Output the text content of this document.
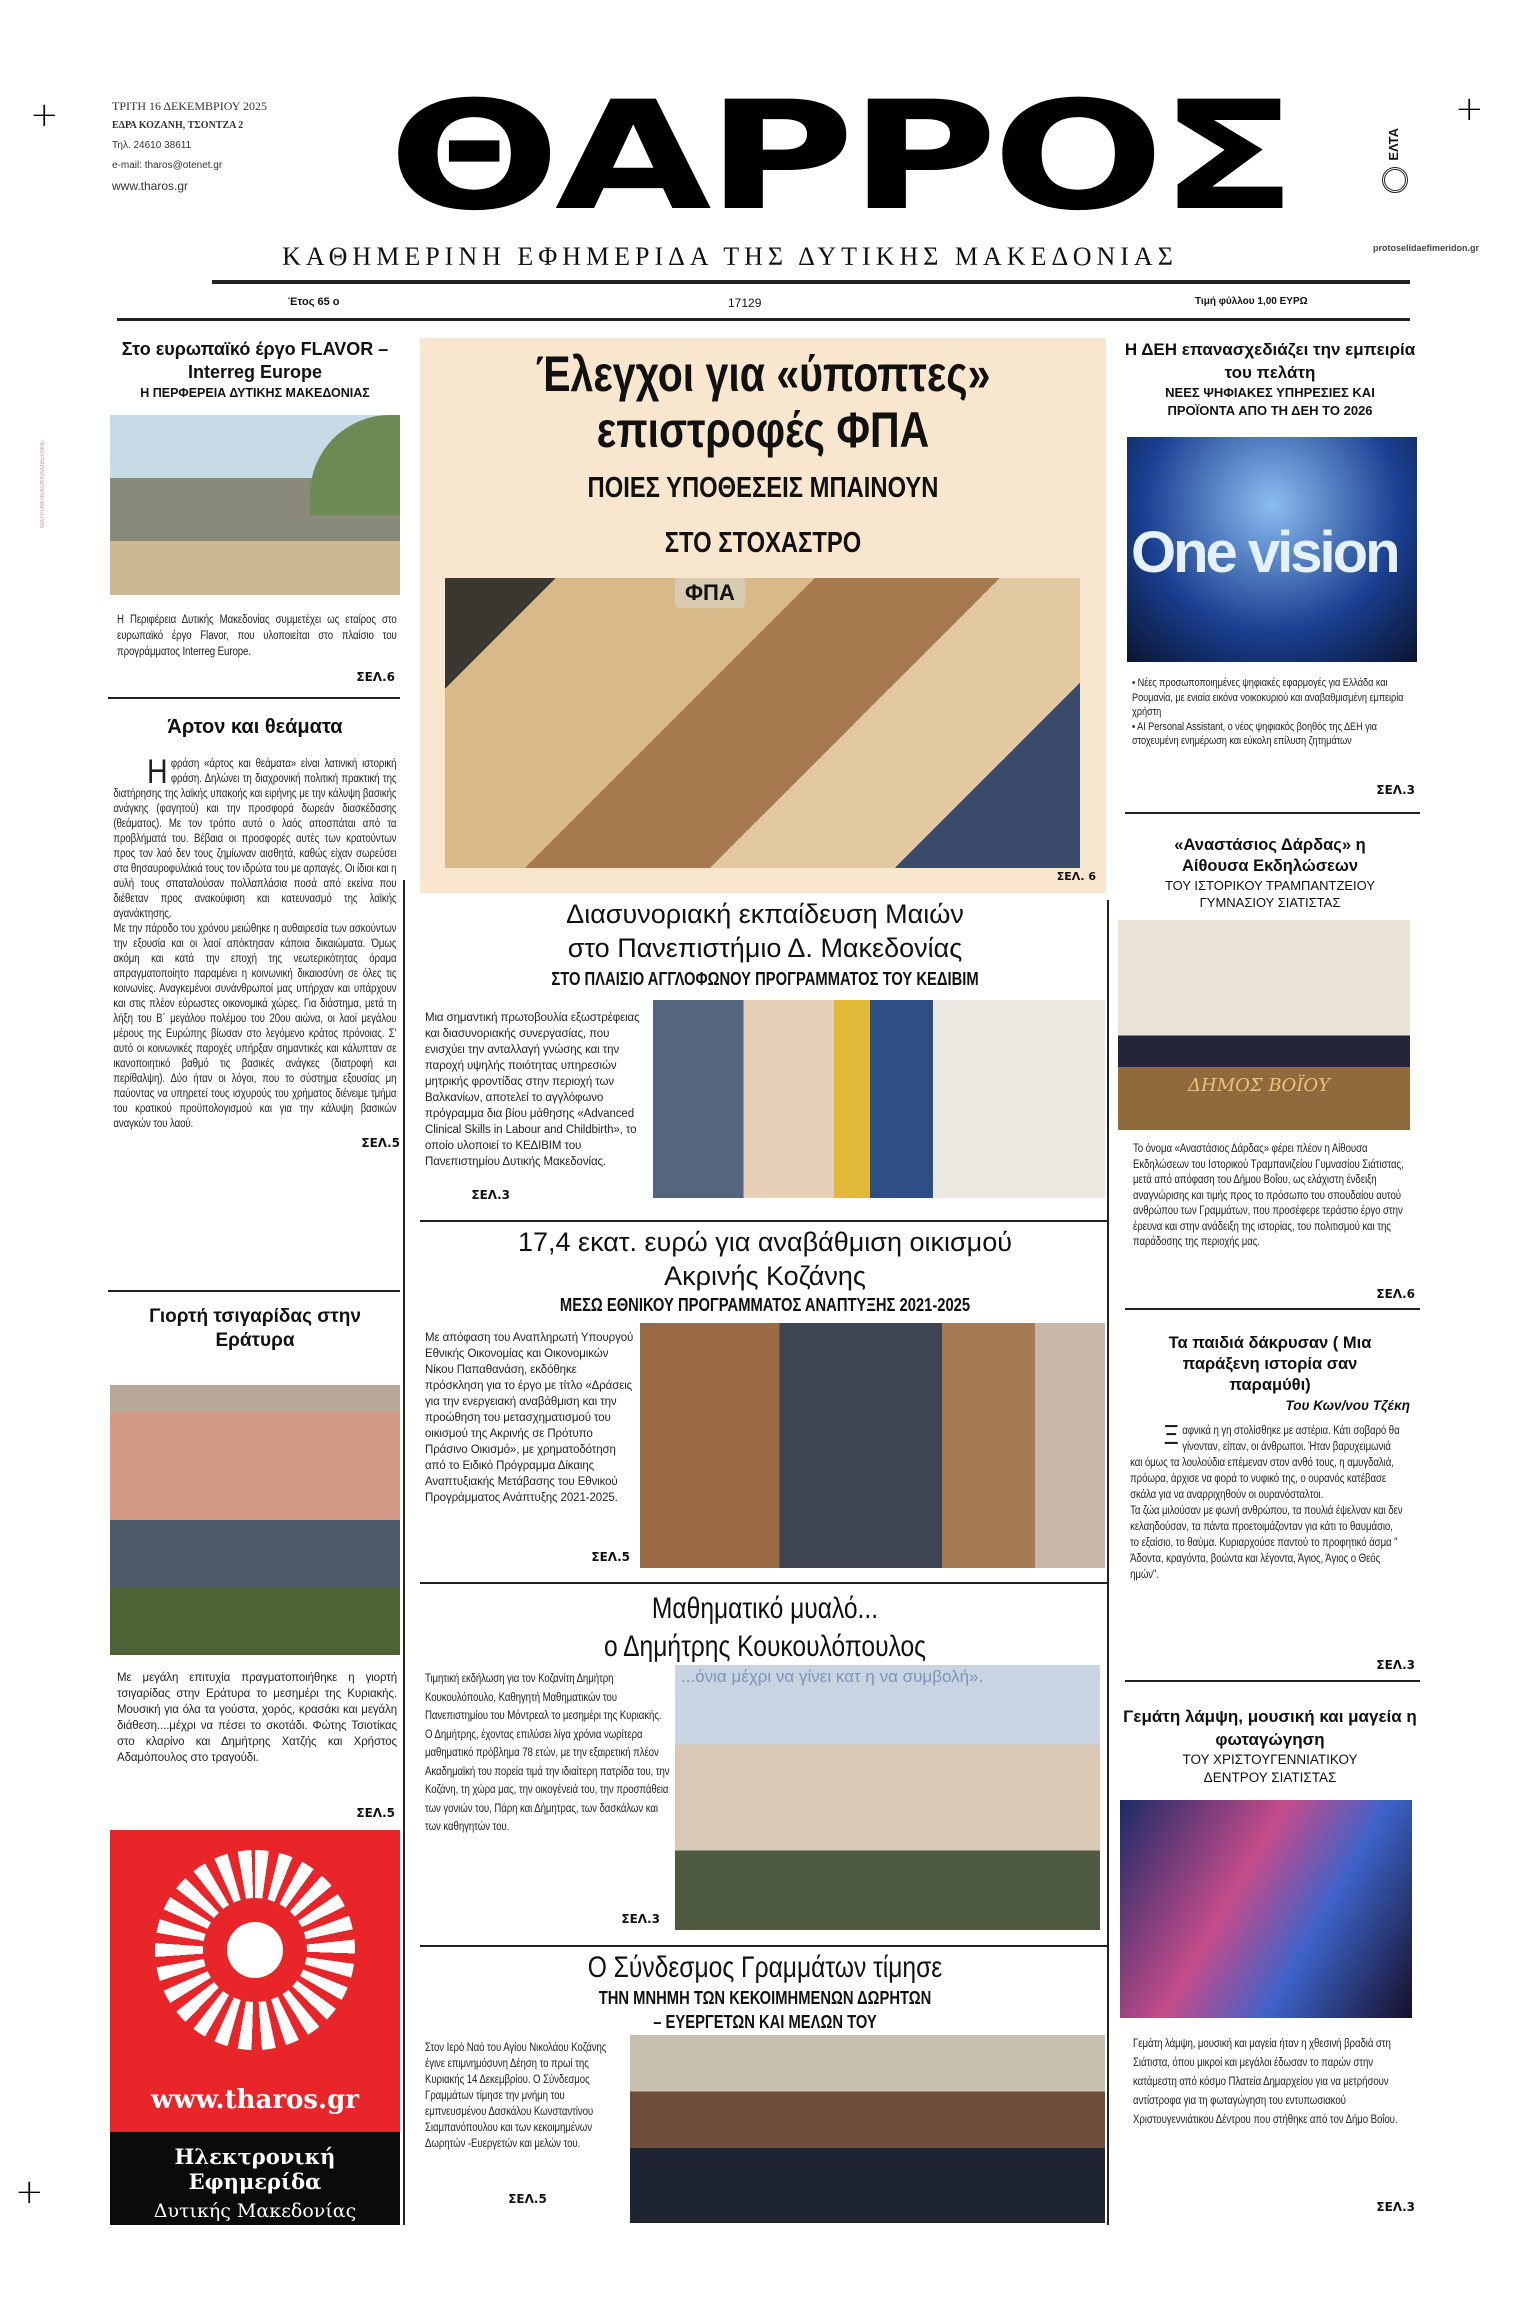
+	+
+
ΜΑΥΡΟΜΠΙΕΚΟΚΚΙΝΟΒΕΡΑΜΕ
ΤΡΙΤΗ 16 ΔΕΚΕΜΒΡΙΟΥ 2025
ΕΔΡΑ ΚΟΖΑΝΗ, ΤΣΟΝΤΖΑ 2
Τηλ. 24610 38611
e-mail: tharos@otenet.gr
www.tharos.gr	ΘΑΡΡΟΣ
ΚΑΘΗΜΕΡΙΝΗ ΕΦΗΜΕΡΙΔΑ ΤΗΣ ΔΥΤΙΚΗΣ ΜΑΚΕΔΟΝΙΑΣ
ΕΛΤΑ
protoselidaefimeridon.gr
Έτος 65 ο	17129	Τιμή φύλλου 1,00 ΕΥΡΩ
Στο ευρωπαϊκό έργο FLAVOR – Interreg Europe
Η ΠΕΡΦΕΡΕΙΑ ΔΥΤΙΚΗΣ ΜΑΚΕΔΟΝΙΑΣ
Η Περιφέρεια Δυτικής Μακεδονίας συμμετέχει ως εταίρος στο ευρωπαϊκό έργο Flavor, που υλοποιείται στο πλαίσιο του προγράμματος Interreg Europe.
ΣΕΛ.6
Άρτον και θεάματα
Η φράση «άρτος και θεάματα» είναι λατινική ιστορική φράση. Δηλώνει τη διαχρονική πολιτική πρακτική της διατήρησης της λαϊκής υπακοής και ειρήνης με την κάλυψη βασικής ανάγκης (φαγητού) και την προσφορά δωρεάν διασκέδασης (θεάματος). Με τον τρόπο αυτό ο λαός αποσπάται από τα προβλήματά του. Βέβαια οι προσφορές αυτές των κρατούντων προς τον λαό δεν τους ζημίωναν αισθητά, καθώς είχαν σωρεύσει στα θησαυροφυλάκιά τους τον ιδρώτα του με αρπαγές. Οι ίδιοι και η αυλή τους σπαταλούσαν πολλαπλάσια ποσά από εκείνα που διέθεταν προς ανακούφιση και κατευνασμό της λαϊκής αγανάκτησης.
Με την πάροδο του χρόνου μειώθηκε η αυθαιρεσία των ασκούντων την εξουσία και οι λαοί απόκτησαν κάποια δικαιώματα. Όμως ακόμη και κατά την εποχή της νεωτερικότητας όραμα απραγματοποίητο παραμένει η κοινωνική δικαιοσύνη σε όλες τις κοινωνίες. Αναγκεμένοι συνάνθρωποί μας υπήρχαν και υπάρχουν και στις πλέον εύρωστες οικονομικά χώρες. Για διάστημα, μετά τη λήξη του Β΄ μεγάλου πολέμου του 20ου αιώνα, οι λαοί μεγάλου μέρους της Ευρώπης βίωσαν στο λεγόμενο κράτος πρόνοιας. Σ' αυτό οι κοινωνικές παροχές υπήρξαν σημαντικές και κάλυπταν σε ικανοποιητικό βαθμό τις βασικές ανάγκες (διατροφή και περίθαλψη). Δύο ήταν οι λόγοι, που το σύστημα εξουσίας μη παύοντας να υπηρετεί τους ισχυρούς του χρήματος διένειμε τμήμα του κρατικού προϋπολογισμού και για την κάλυψη βασικών αναγκών του λαού.
ΣΕΛ.5
Γιορτή τσιγαρίδας στην Εράτυρα
Με μεγάλη επιτυχία πραγματοποιήθηκε η γιορτή τσιγαρίδας στην Εράτυρα το μεσημέρι της Κυριακής. Μουσική για όλα τα γούστα, χορός, κρασάκι και μεγάλη διάθεση....μέχρι να πέσει το σκοτάδι. Φώτης Τσιοτίκας στο κλαρίνο και Δημήτρης Χατζής και Χρήστος Αδαμόπουλος στο τραγούδι.
ΣΕΛ.5
www.tharos.gr
Ηλεκτρονική Εφημερίδα
Δυτικής Μακεδονίας
Έλεγχοι για «ύποπτες»
επιστροφές ΦΠΑ
ΠΟΙΕΣ ΥΠΟΘΕΣΕΙΣ ΜΠΑΙΝΟΥΝ
ΣΤΟ ΣΤΟΧΑΣΤΡΟ
ΦΠΑ
ΣΕΛ. 6
Διασυνοριακή εκπαίδευση Μαιών
στο Πανεπιστήμιο Δ. Μακεδονίας
ΣΤΟ ΠΛΑΙΣΙΟ ΑΓΓΛΟΦΩΝΟΥ ΠΡΟΓΡΑΜΜΑΤΟΣ ΤΟΥ ΚΕΔΙΒΙΜ
Μια σημαντική πρωτοβουλία εξωστρέφειας και διασυνοριακής συνεργασίας, που ενισχύει την ανταλλαγή γνώσης και την παροχή υψηλής ποιότητας υπηρεσιών μητρικής φροντίδας στην περιοχή των Βαλκανίων, αποτελεί το αγγλόφωνο πρόγραμμα δια βίου μάθησης «Advanced Clinical Skills in Labour and Childbirth», το οποίο υλοποιεί το ΚΕΔΙΒΙΜ του Πανεπιστημίου Δυτικής Μακεδονίας.
ΣΕΛ.3
17,4 εκατ. ευρώ για αναβάθμιση οικισμού
Ακρινής Κοζάνης
ΜΕΣΩ ΕΘΝΙΚΟΥ ΠΡΟΓΡΑΜΜΑΤΟΣ ΑΝΑΠΤΥΞΗΣ 2021-2025
Με απόφαση του Αναπληρωτή Υπουργού Εθνικής Οικονομίας και Οικονομικών Νίκου Παπαθανάση, εκδόθηκε πρόσκληση για το έργο με τίτλο «Δράσεις για την ενεργειακή αναβάθμιση και την προώθηση του μετασχηματισμού του οικισμού της Ακρινής σε Πρότυπο Πράσινο Οικισμό», με χρηματοδότηση από το Ειδικό Πρόγραμμα Δίκαιης Αναπτυξιακής Μετάβασης του Εθνικού Προγράμματος Ανάπτυξης 2021-2025.
ΣΕΛ.5
Μαθηματικό μυαλό...
ο Δημήτρης Κουκουλόπουλος
Τιμητική εκδήλωση για τον Κοζανίτη Δημήτρη Κουκουλόπουλο, Καθηγητή Μαθηματικών του Πανεπιστημίου του Μόντρεαλ το μεσημέρι της Κυριακής. Ο Δημήτρης, έχοντας επιλύσει λίγα χρόνια νωρίτερα μαθηματικό πρόβλημα 78 ετών, με την εξαιρετική πλέον Ακαδημαϊκή του πορεία τιμά την ιδιαίτερη πατρίδα του, την Κοζάνη, τη χώρα μας, την οικογένειά του, την προσπάθεια των γονιών του, Πάρη και Δήμητρας, των δασκάλων και των καθηγητών του.
ΣΕΛ.3
...όνια μέχρι να γίνει κατ η να συμβολή».
Ο Σύνδεσμος Γραμμάτων τίμησε
ΤΗΝ ΜΝΗΜΗ ΤΩΝ ΚΕΚΟΙΜΗΜΕΝΩΝ ΔΩΡΗΤΩΝ – ΕΥΕΡΓΕΤΩΝ ΚΑΙ ΜΕΛΩΝ ΤΟΥ
Στον Ιερό Ναό του Αγίου Νικολάου Κοζάνης έγινε επιμνημόσυνη Δέηση το πρωί της Κυριακής 14 Δεκεμβρίου. Ο Σύνδεσμος Γραμμάτων τίμησε την μνήμη του εμπνευσμένου Δασκάλου Κωνσταντίνου Σιαμπανόπουλου και των κεκοιμημένων Δωρητών -Ευεργετών και μελών του.
ΣΕΛ.5
Η ΔΕΗ επανασχεδιάζει την εμπειρία του πελάτη
ΝΕΕΣ ΨΗΦΙΑΚΕΣ ΥΠΗΡΕΣΙΕΣ ΚΑΙ ΠΡΟΪΟΝΤΑ ΑΠΟ ΤΗ ΔΕΗ ΤΟ 2026
One vision
• Νέες προσωποποιημένες ψηφιακές εφαρμογές για Ελλάδα και Ρουμανία, με ενιαία εικόνα νοικοκυριού και αναβαθμισμένη εμπειρία χρήστη
• AI Personal Assistant, ο νέος ψηφιακός βοηθός της ΔΕΗ για στοχευμένη ενημέρωση και εύκολη επίλυση ζητημάτων
ΣΕΛ.3
«Αναστάσιος Δάρδας» η Αίθουσα Εκδηλώσεων
ΤΟΥ ΙΣΤΟΡΙΚΟΥ ΤΡΑΜΠΑΝΤΖΕΙΟΥ ΓΥΜΝΑΣΙΟΥ ΣΙΑΤΙΣΤΑΣ
ΔΗΜΟΣ ΒΟΪΟΥ
Το όνομα «Αναστάσιος Δάρδας» φέρει πλέον η Αίθουσα Εκδηλώσεων του Ιστορικού Τραμπανιζείου Γυμνασίου Σιάτιστας, μετά από απόφαση του Δήμου Βοΐου, ως ελάχιστη ένδειξη αναγνώρισης και τιμής προς το πρόσωπο του σπουδαίου αυτού ανθρώπου των Γραμμάτων, που προσέφερε τεράστιο έργο στην έρευνα και στην ανάδειξη της ιστορίας, του πολιτισμού και της παράδοσης της περιοχής μας.
ΣΕΛ.6
Τα παιδιά δάκρυσαν ( Μια παράξενη ιστορία σαν παραμύθι)
Του Κων/νου Τζέκη
Ξ αφνικά η γη στολίσθηκε με αστέρια. Κάτι σοβαρό θα γίνονταν, είπαν, οι άνθρωποι. Ήταν βαρυχειμωνιά και όμως τα λουλούδια επέμεναν στον ανθό τους, η αμυγδαλιά, πρόωρα, άρχισε να φορά το νυφικό της, ο ουρανός κατέβασε σκάλα για να αναρριχηθούν οι ουρανόσταλτοι.
Τα ζώα μιλούσαν με φωνή ανθρώπου, τα πουλιά έψελναν και δεν κελαηδούσαν, τα πάντα προετοιμάζονταν για κάτι το θαυμάσιο, το εξαίσιο, το θαύμα. Κυριαρχούσε παντού το προφητικό άσμα " Άδοντα, κραγόντα, βοώντα και λέγοντα, Άγιος, Άγιος ο Θεός ημών".
ΣΕΛ.3
Γεμάτη λάμψη, μουσική και μαγεία η φωταγώγηση
ΤΟΥ ΧΡΙΣΤΟΥΓΕΝΝΙΑΤΙΚΟΥ ΔΕΝΤΡΟΥ ΣΙΑΤΙΣΤΑΣ
Γεμάτη λάμψη, μουσική και μαγεία ήταν η χθεσινή βραδιά στη Σιάτιστα, όπου μικροί και μεγάλοι έδωσαν το παρών στην κατάμεστη από κόσμο Πλατεία Δημαρχείου για να μετρήσουν αντίστροφα για τη φωταγώγηση του εντυπωσιακού Χριστουγεννιάτικου Δέντρου που στήθηκε από τον Δήμο Βοΐου.
ΣΕΛ.3
